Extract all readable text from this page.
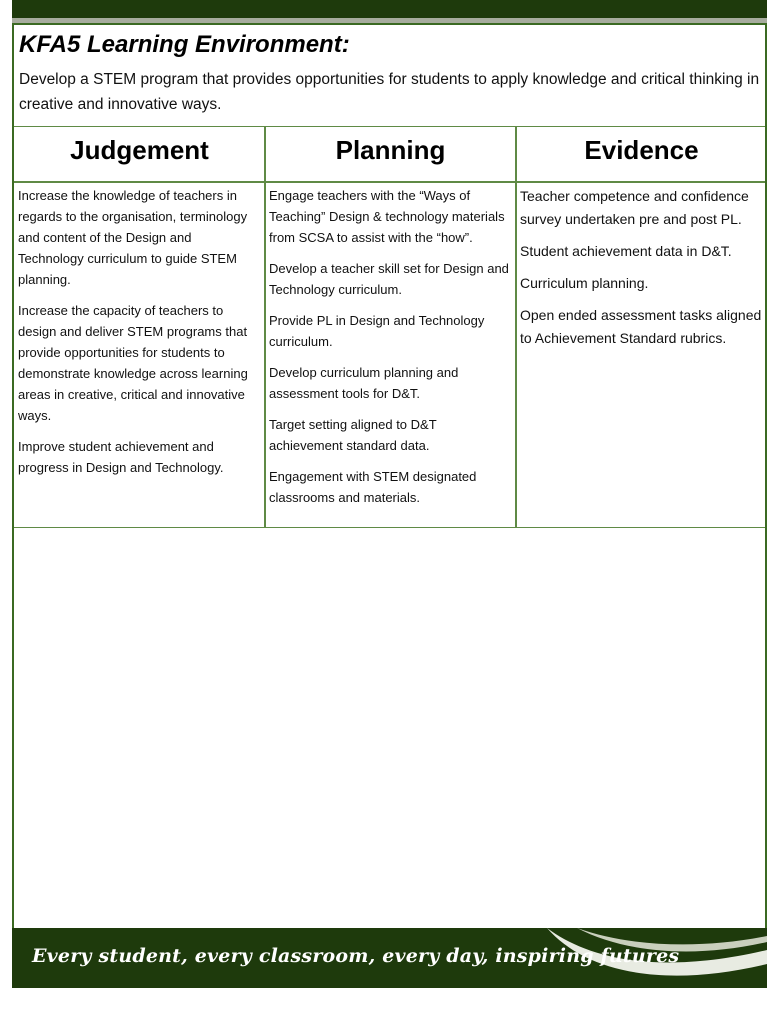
KFA5 Learning Environment:
Develop a STEM program that provides opportunities for students to apply knowledge and critical thinking in creative and innovative ways.
Judgement	Planning	Evidence

Increase the knowledge of teachers in regards to the organisation, terminology and content of the Design and Technology curriculum to guide STEM planning.

Increase the capacity of teachers to design and deliver STEM programs that provide opportunities for students to demonstrate knowledge across learning areas in creative, critical and innovative ways.

Improve student achievement and progress in Design and Technology.

Engage teachers with the “Ways of Teaching” Design & technology materials from SCSA to assist with the “how”.

Develop a teacher skill set for Design and Technology curriculum.

Provide PL in Design and Technology curriculum.

Develop curriculum planning and assessment tools for D&T.

Target setting aligned to D&T achievement standard data.

Engagement with STEM designated classrooms and materials.

Teacher competence and confidence survey undertaken pre and post PL.

Student achievement data in D&T.

Curriculum planning.

Open ended assessment tasks aligned to Achievement Standard rubrics.

Every student, every classroom, every day, inspiring futures
